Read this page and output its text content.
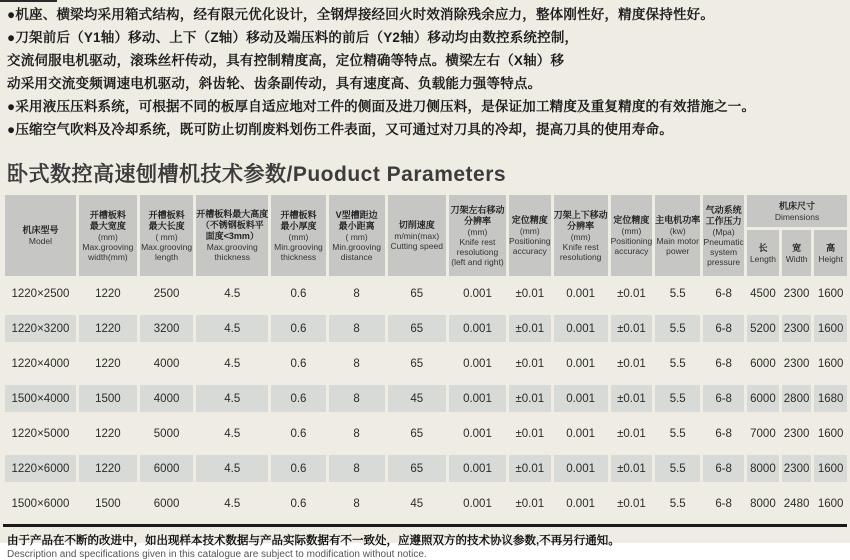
●机座、横梁均采用箱式结构，经有限元优化设计，全钢焊接经回火时效消除残余应力，整体刚性好，精度保持性好。
●刀架前后（Y1轴）移动、上下（Z轴）移动及端压料的前后（Y2轴）移动均由数控系统控制，
交流伺服电机驱动，滚珠丝杆传动，具有控制精度高，定位精确等特点。横梁左右（X轴）移
动采用交流变频调速电机驱动，斜齿轮、齿条副传动，具有速度高、负载能力强等特点。
●采用液压压料系统，可根据不同的板厚自适应地对工件的侧面及进刀侧压料，是保证加工精度及重复精度的有效措施之一。
●压缩空气吹料及冷却系统，既可防止切削废料划伤工件表面，又可通过对刀具的冷却，提高刀具的使用寿命。
卧式数控高速刨槽机技术参数/Puoduct Parameters
机床型号
Model

开槽板料
最大宽度
(mm)
Max.grooving
width(mm)

开槽板料
最大长度
( mm)
Max.grooving
length

开槽板料最大高度
（不锈钢板料平
面度<3mm）
Max.grooving
thickness

开槽板料
最小厚度
(mm)
Min.grooving
thickness

V型槽距边
最小距离
( mm)
Min.grooving
distance

切削速度
m/min(max)
Cutting speed

刀架左右移动
分辨率
(mm)
Knife rest
resolutiong
(left and right)

定位精度
(mm)
Positioning
accuracy

刀架上下移动
分辨率
(mm)
Knife rest
resolutiong

定位精度
(mm)
Positioning
accuracy

主电机功率
(kw)
Main motor
power

气动系统
工作压力
(Mpa)
Pneumatic
system
pressure

机床尺寸
Dimensions

长
Length

宽
Width

高
Height

1220×2500	1220	2500	4.5	0.6	8	65	0.001	±0.01	0.001	±0.01	5.5	6-8	4500	2300	1600
1220×3200	1220	3200	4.5	0.6	8	65	0.001	±0.01	0.001	±0.01	5.5	6-8	5200	2300	1600
1220×4000	1220	4000	4.5	0.6	8	65	0.001	±0.01	0.001	±0.01	5.5	6-8	6000	2300	1600
1500×4000	1500	4000	4.5	0.6	8	45	0.001	±0.01	0.001	±0.01	5.5	6-8	6000	2800	1680
1220×5000	1220	5000	4.5	0.6	8	65	0.001	±0.01	0.001	±0.01	5.5	6-8	7000	2300	1600
1220×6000	1220	6000	4.5	0.6	8	65	0.001	±0.01	0.001	±0.01	5.5	6-8	8000	2300	1600
1500×6000	1500	6000	4.5	0.6	8	45	0.001	±0.01	0.001	±0.01	5.5	6-8	8000	2480	1600
由于产品在不断的改进中，如出现样本技术数据与产品实际数据有不一致处，应遵照双方的技术协议参数,不再另行通知。
Description and specifications given in this catalogue are subject to modification without notice.
